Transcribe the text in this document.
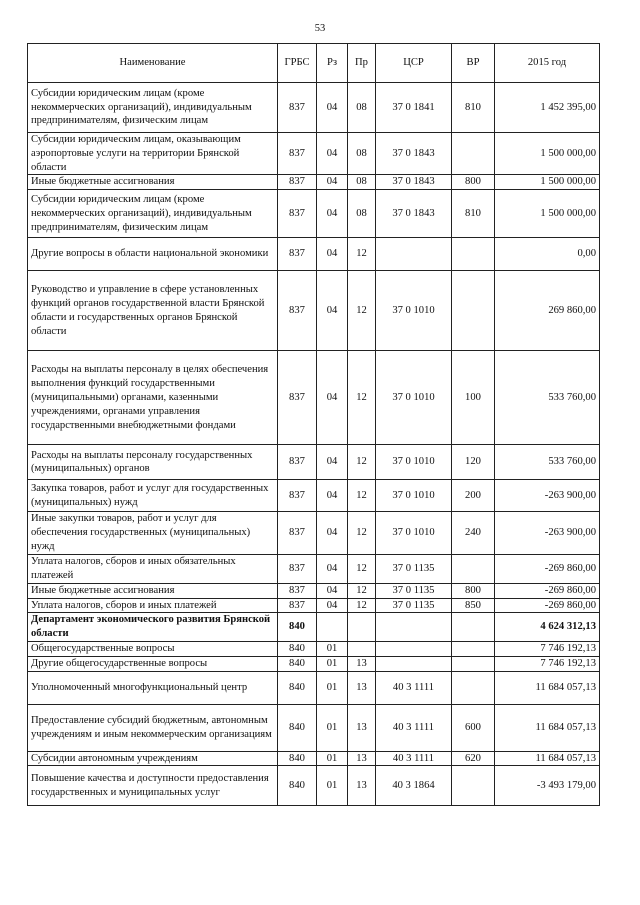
53
Наименование	ГРБС	Рз	Пр	ЦСР	ВР	2015 год
Субсидии юридическим лицам (кроме некоммерческих организаций), индивидуальным предпринимателям, физическим лицам	837	04	08	37 0 1841	810	1 452 395,00
Субсидии юридическим лицам, оказывающим аэропортовые услуги на территории Брянской области	837	04	08	37 0 1843		1 500 000,00
Иные бюджетные ассигнования	837	04	08	37 0 1843	800	1 500 000,00
Субсидии юридическим лицам (кроме некоммерческих организаций), индивидуальным предпринимателям, физическим лицам	837	04	08	37 0 1843	810	1 500 000,00
Другие вопросы в области национальной экономики	837	04	12			0,00
Руководство и управление в сфере установленных функций органов государственной власти Брянской области и государственных органов Брянской области	837	04	12	37 0 1010		269 860,00
Расходы на выплаты персоналу в целях обеспечения выполнения функций государственными (муниципальными) органами, казенными учреждениями, органами управления государственными внебюджетными фондами	837	04	12	37 0 1010	100	533 760,00
Расходы на выплаты персоналу государственных (муниципальных) органов	837	04	12	37 0 1010	120	533 760,00
Закупка товаров, работ и услуг для государственных (муниципальных) нужд	837	04	12	37 0 1010	200	-263 900,00
Иные закупки товаров, работ и услуг для обеспечения государственных (муниципальных) нужд	837	04	12	37 0 1010	240	-263 900,00
Уплата налогов, сборов и иных обязательных платежей	837	04	12	37 0 1135		-269 860,00
Иные бюджетные ассигнования	837	04	12	37 0 1135	800	-269 860,00
Уплата налогов, сборов и иных платежей	837	04	12	37 0 1135	850	-269 860,00
Департамент экономического развития Брянской области	840					4 624 312,13
Общегосударственные вопросы	840	01				7 746 192,13
Другие общегосударственные вопросы	840	01	13			7 746 192,13
Уполномоченный многофункциональный центр	840	01	13	40 3 1111		11 684 057,13
Предоставление субсидий бюджетным, автономным учреждениям и иным некоммерческим организациям	840	01	13	40 3 1111	600	11 684 057,13
Субсидии автономным учреждениям	840	01	13	40 3 1111	620	11 684 057,13
Повышение качества и доступности предоставления государственных и муниципальных услуг	840	01	13	40 3 1864		-3 493 179,00
